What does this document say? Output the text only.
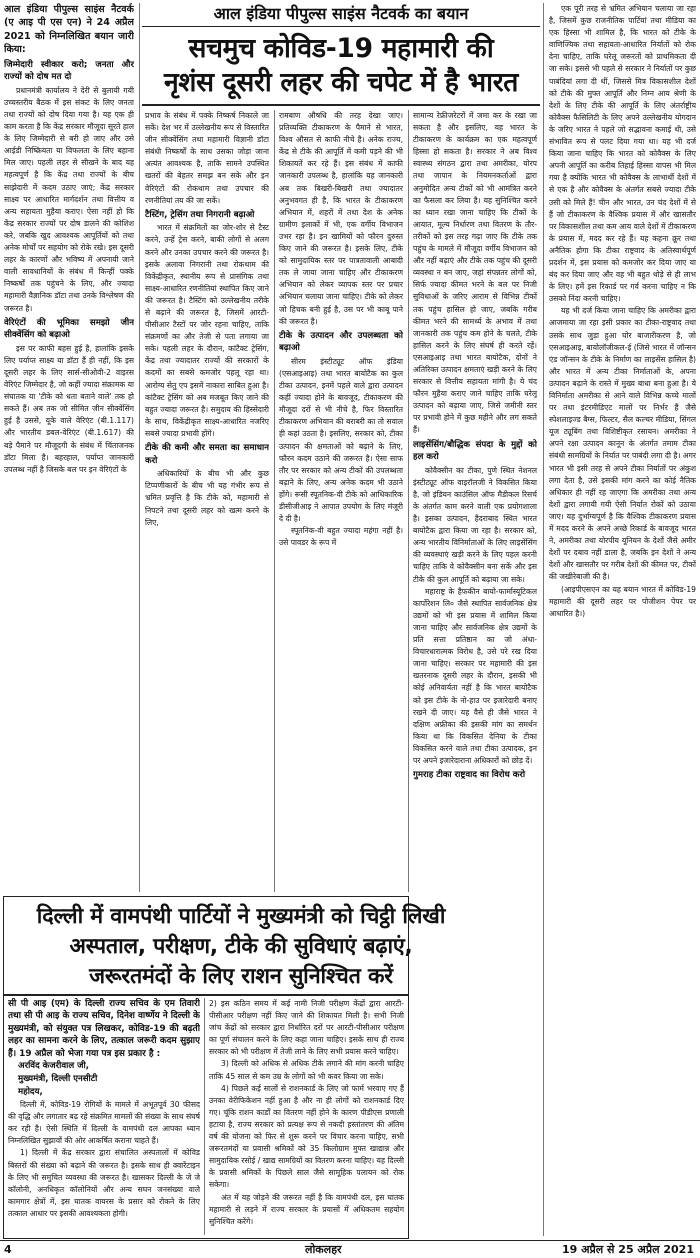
आल इंडिया पीपुल्स साइंस नैटवर्क का बयान
सचमुच कोविड-19 महामारी की
नृशंस दूसरी लहर की चपेट में है भारत

आल इंडिया पीपुल्स साइंस नैटवर्क (ए आइ पी एस एन) ने 24 अप्रैल 2021 को निम्नलिखित बयान जारी किया:

जिम्मेदारी स्वीकार करो; जनता और राज्यों को दोष मत दो

प्रधानमंत्री कार्यालय ने देरी से बुलायी गयी उच्चस्तरीय बैठक में इस संकट के लिए जनता तथा राज्यों को दोष दिया गया है। यह एक ही काम करता है कि केंद्र सरकार मौजूदा सूरते हाल के लिए जिम्मेदारी से बरी हो जाए और उसे आईडी निष्क्रियता या विफलता के लिए बहाना मिल जाए। पहली लहर से सीखने के बाद यह महत्वपूर्ण है कि केंद्र तथा राज्यों के बीच साझेदारी में कदम उठाए जाएं; केंद्र सरकार साक्ष्य पर आधारित मार्गदर्शन तथा वित्तीय व अन्य सहायता मुहैया कराए। ऐसा नहीं हो कि केंद्र सरकार राज्यों पर दोष डालने की कोशिश करे, जबकि खुद आवश्यक आपूर्तियों को तथा अनेक मोर्चों पर सहयोग को रोके रखे। इस दूसरी लहर के कारणों और भविष्य में अपनायी जाने वाली सावधानियों के संबंध में किन्हीं पक्के निष्कर्षों तक पहुंचने के लिए, और ज्यादा महामारी वैज्ञानिक डॉटा तथा उनके विश्लेषण की जरूरत है।

वेरिएंटों की भूमिका समझो जीन सीक्वेंसिंग को बढ़ाओ

इस पर काफी बहस हुई है, हालांकि इसके लिए पर्याप्त साक्ष्य या डॉटा हैं ही नहीं, कि इस दूसरी लहर के लिए सार्स-सीओवी-2 वाइरस वेरिएंट जिम्मेदार है, जो कहीं ज्यादा संक्रामक या संघातक या 'टीके को धता बताने वाले' तक हो सकते हैं। अब तक जो सीमित जीन सीक्वेंसिंग हुई है उससे, यूके वाले वेरिएंट (बी.1.117) और भारतीय डबल-वेरिएंट (बी.1.617) की बड़े पैमाने पर मौजूदगी के संबंध में चिंताजनक डॉटा मिला है। बहरहाल, पर्याप्त जानकारी उपलब्ध नहीं है जिसके बल पर इन वेरिएंटों के

प्रभाव के संबंध में पक्के निष्कर्ष निकाले जा सकें। देश भर में उल्लेखनीय रूप से विस्तारित जीन सीक्वेंसिंग तथा महामारी विज्ञानी डॉटा संबंधी निष्कर्षों के साथ उसका जोड़ा जाना अत्यंत आवश्यक है, ताकि सामने उपस्थित खतरों की बेहतर समझ बन सके और इन वेरिएंटों की रोकथाम तथा उपचार की रणनीतियां तय की जा सकें।

टैस्टिंग, ट्रेसिंग तथा निगरानी बढ़ाओ

भारत में संक्रमितों का जोर-शोर से टैस्ट करने, उन्हें ट्रेस करने, बाकी लोगों से अलग करने और उनका उपचार करने की जरूरत है। इसके अलावा निगरानी तथा रोकथाम की विकेंद्रीकृत, स्थानीय रूप से प्रासंगिक तथा साक्ष्य-आधारित रणनीतियां स्थापित किए जाने की जरूरत है। टैस्टिंग को उल्लेखनीय तरीके से बढ़ाने की जरूरत है, जिसमें आरटी-पीसीआर टैस्टों पर जोर रहना चाहिए, ताकि संक्रमणों का और तेजी से पता लगाया जा सके। पहली लहर के दौरान, कांटैक्ट ट्रेसिंग, केंद्र तथा ज्यादातर राज्यों की सरकारों के कदमों का सबसे कमजोर पहलू रहा था। आरोग्य सेतु एप इसमें नाकारा साबित हुआ है। कांटैक्ट ट्रेसिंग को अब मजबूत किए जाने की बहुत ज्यादा जरूरत है। समुदाय की हिस्सेदारी के साथ, विकेंद्रीकृत साक्ष्य-आधारित नजरिए सबसे ज्यादा प्रभावी होंगे।

टीके की कमी और समता का समाधान करो

अधिकारियों के बीच भी और कुछ टिप्पणीकारों के बीच भी यह गंभीर रूप से भ्रमित प्रवृत्ति है कि टीके को, महामारी से निपटने तथा दूसरी लहर को खत्म करने के लिए,

रामबाण औषधि की तरह देखा जाए। प्रतिव्यक्ति टीकाकरण के पैमाने से भारत, विश्व औसत से काफी नीचे है। अनेक राज्य, केंद्र से टीके की आपूर्ति में कमी पड़ने की भी शिकायतें कर रहे हैं। इस संबंध में काफी जानकारी उपलब्ध है, हालांकि यह जानकारी अब तक बिखरी-बिखरी तथा ज्यादातर अनुभवगत ही है, कि भारत के टीकाकरण अभियान में, शहरों में तथा देश के अनेक ग्रामीण इलाकों में भी, एक वर्गीय विभाजन उभर रहा है। इन खामियों को फौरन दुरुस्त किए जाने की जरूरत है। इसके लिए, टीके को सामुदायिक स्तर पर पात्रतावाली आबादी तक ले जाया जाना चाहिए और टीकाकरण अभियान को लेकर व्यापक स्तर पर प्रचार अभियान चलाया जाना चाहिए। टीके को लेकर जो हिचक बनी हुई है, उस पर भी काबू पाने की जरूरत है।

टीके के उत्पादन और उपलब्धता को बढ़ाओ

सीरम इंस्टीट्यूट ऑफ इंडिया (एसआइआइ) तथा भारत बायोटैक का कुल टीका उत्पादन, इनमें पहले वाले द्वारा उत्पादन कहीं ज्यादा होने के बावजूद, टीकाकरण की मौजूदा दरों से भी नीचे है, फिर विस्तारित टीकाकरण अभियान की बराबरी का तो सवाल ही कहां उठता है। इसलिए, सरकार को, टीका उत्पादन की क्षमताओं को बढ़ाने के लिए, फौरन कदम उठाने की जरूरत है। ऐसा साफ तौर पर सरकार को अन्य टीकों की उपलब्धता बढ़ाने के लिए, अन्य अनेक कदम भी उठाने होंगे। रूसी स्पूतनिक-वी टीके को आधिकारिक डीसीजीआइ ने आपात उपयोग के लिए मंजूरी दे दी है।

स्पूतनिक-वी बहुत ज्यादा महंगा नहीं है। उसे पावडर के रूप में

सामान्य रेफ्रीजरेटरों में जमा कर के रखा जा सकता है और इसलिए, यह भारत के टीकाकरण के कार्यक्रम का एक महत्वपूर्ण हिस्सा हो सकता है। सरकार ने अब विश्व स्वास्थ्य संगठन द्वारा तथा अमरीका, योरप तथा जापान के नियमनकर्ताओं द्वारा अनुमोदित अन्य टीकों को भी आमंत्रित करने का फैसला कर लिया है। यह सुनिश्चित करने का ध्यान रखा जाना चाहिए कि टीकों के आयात, मूल्य निर्धारण तथा वितरण के तौर-तरीकों को इस तरह गढ़ा जाए कि टीके तक पहुंच के मामले में मौजूदा वर्गीय विभाजन को और नहीं बढ़ाएं और टीके तक पहुंच की दूसरी व्यवस्था न बन जाए, जहां संपन्नतर लोगों को, सिर्फ ज्यादा कीमत भरने के बल पर निजी सुविधाओं के जरिए आराम से विभिन्न टीकों तक पहुंच हासिल हो जाए, जबकि गरीब कीमत भरने की सामर्थ्य के अभाव में तथा जानकारी तक पहुंच कम होने के चलते, टीके हासिल करने के लिए संघर्ष ही करते रहें। एसआइआइ तथा भारत बायोटैक, दोनों ने अतिरिक्त उत्पादन क्षमताएं खड़ी करने के लिए सरकार से वित्तीय सहायता मांगी है। ये चंद फौरन मुहैया कराए जाने चाहिए ताकि घरेलू उत्पादन को बढ़ाया जाए, जिसे जमीनी स्तर पर प्रभावी होने में कुछ महीने और लग सकते हैं।

लाइसेंसिंग/बौद्धिक संपदा के मुद्दों को हल करो

कोवैक्सीन का टीका, पुणे स्थित नेशनल इंस्टीट्यूट ऑफ वाइरॉलजी ने विकसित किया है, जो इंडियन काउंसिल ऑफ मैडीकल रिसर्च के अंतर्गत काम करने वाली एक प्रयोगशाला है। इसका उत्पादन, हैदराबाद स्थित भारत बायोटैक द्वारा किया जा रहा है। सरकार को, अन्य भारतीय विनिर्माताओं के लिए लाइसेंसिंग की व्यवस्थाएं खड़ी करने के लिए पहल करनी चाहिए ताकि वे कोवैक्सीन बना सकें और इस टीके की कुल आपूर्ति को बढ़ाया जा सके।

महाराष्ट्र के हैफकीन बायो-फार्मास्यूटिकल कार्पोरेशन लि० जैसे स्थापित सार्वजनिक क्षेत्र उद्यमों को भी इस प्रयास में शामिल किया जाना चाहिए और सार्वजनिक क्षेत्र उद्यमों के प्रति सत्ता प्रतिष्ठान का जो अंधा-विचारधारात्मक विरोध है, उसे परे रख दिया जाना चाहिए। सरकार पर महामारी की इस खतरनाक दूसरी लहर के दौरान, इसकी भी कोई अनिवार्यता नहीं है कि भारत बायोटैक को इस टीके के नो-हाउ पर इजारेदारी बनाए रखने दी जाए। यह वैसे ही जैसे भारत ने दक्षिण अफ्रीका की इसकी मांग का समर्थन किया था कि विकसित देनिया के टीका विकसित करने वाले तथा टीका उत्पादक, इन पर अपने इजारेदाराना अधिकारों को छोड़ दें।

गुमराह टीका राष्ट्रवाद का विरोध करो

एक पूरी तरह से भ्रमित अभियान चलाया जा रहा है, जिसमें कुछ राजनीतिक पार्टियां तथा मीडिया का एक हिस्सा भी शामिल है, कि भारत को टीके के वाणिज्यिक तथा सहायता-आधारित निर्यातों को रोक देना चाहिए, ताकि घरेलू जरूरतों को प्राथमिकता दी जा सके। इससे भी पहले से सरकार ने निर्यातों पर कुछ पाबंदियां लगा दी थीं, जिससे मित्र विकासशील देशों को टीके की मुफ्त आपूर्ति और निम्न आय श्रेणी के देशों के लिए टीके की आपूर्ति के लिए अंतर्राष्ट्रीय कोवैक्स फैसिलिटी के लिए अपने उल्लेखनीय योगदान के जरिए भारत ने पहले जो सद्भावना कमाई थी, उसे संभावित रूप से पलट दिया गया था। यह भी दर्ज किया जाना चाहिए कि भारत को कोवैक्स के लिए अपनी आपूर्ति का करीब तिहाई हिस्सा वापस भी मिल गया है क्योंकि भारत भी कोवैक्स के लाभार्थी देशों में से एक है और कोवैक्स के अंतर्गत सबसे ज्यादा टीके उसी को मिले हैं! चीन और भारत, उन चंद देशों में से हैं जो टीकाकरण के वैश्विक प्रयास में और खासतौर पर विकासशील तथा कम आय वाले देशों में टीकाकरण के प्रयास में, मदद कर रहे हैं। यह कहना क्रूर तथा अनैतिक होगा कि टीका राष्ट्रवाद के अतिस्वार्थपूर्ण प्रदर्शन में, इस प्रयास को कमजोर कर दिया जाए या बंद कर दिया जाए और वह भी बहुत थोड़े से ही लाभ के लिए। हमें इस रिकार्ड पर गर्व करना चाहिए न कि उसको निंदा करनी चाहिए।

यह भी दर्ज किया जाना चाहिए कि अमरीका द्वारा आजमाया जा रहा इसी प्रकार का टीका-राष्ट्रवाद तथा उसके साथ जुड़ा हुआ घोर बाजारीकरण है, जो एसआइआइ, बायोलॉजीकल-ई (जिसे भारत में जॉन्सन एंड जॉन्सन के टीके के निर्माण का लाइसेंस हासिल है) और भारत में अन्य टीका निर्माताओं के, अपना उत्पादन बढ़ाने के रास्ते में मुख्य बाधा बना हुआ है। ये विनिर्माता अमरीका से आने वाले विभिन्न कच्चे मालों पर तथा इंटरमीडिएट मालों पर निर्भर हैं जैसे स्पेशलाइज्ड बैग्स, फिल्टर, सैल कल्चर मीडिया, सिंगल यूज ट्यूबिंग तथा विशिष्टीकृत रसायन। अमरीका ने अपने रक्षा उत्पादन कानून के अंतर्गत तमाम टीका संबंधी सामग्रियों के निर्यात पर पाबंदी लगा दी है। अगर भारत भी इसी तरह से अपने टीका निर्यातों पर अंकुश लगा देता है, उसे इसकी मांग करने का कोई नैतिक अधिकार ही नहीं रह जाएगा कि अमरीका तथा अन्य देशों द्वारा लगायी गयी ऐसी निर्यात रोकों को उठाया जाए। यह दुर्भाग्यपूर्ण है कि वैश्विक टीकाकरण प्रयास में मदद करने के अपने अच्छे रिकार्ड के बावजूद भारत ने, अमरीका तथा योरपीय यूनियन के देशों जैसे अमीर देशों पर दबाव नहीं डाला है, जबकि इन देशों ने अन्य देशों और खासतौर पर गरीब देशों की कीमत पर, टीकों की जखीरेबाजी की है।

(आइपीएसएन का यह बयान भारत में कोविड-19 महामारी की दूसरी लहर पर पोजीशन पेपर पर आधारित है।)

दिल्ली में वामपंथी पार्टियों ने मुख्यमंत्री को चिट्ठी लिखी
अस्पताल, परीक्षण, टीके की सुविधाएं बढ़ाएं,
जरूरतमंदों के लिए राशन सुनिश्चित करें

सी पी आइ (एम) के दिल्ली राज्य सचिव के एम तिवारी तथा सी पी आइ के राज्य सचिव, दिनेश वार्ष्णेय ने दिल्ली के मुख्यमंत्री, को संयुक्त पत्र लिखकर, कोविड-19 की बढ़ती लहर का सामना करने के लिए, तत्काल जरूरी कदम सुझाए हैं। 19 अप्रैल को भेजा गया पत्र इस प्रकार है :

अरविंद केजरीवाल जी,

मुख्यमंत्री, दिल्ली एनसीटी

महोदय,

दिल्ली में, कोविड-19 रोगियों के मामले में अभूतपूर्व 30 फीसद की वृद्धि और लगातार बढ़ रहे संक्रमित मामलों की संख्या के साथ संघर्ष कर रही है। ऐसी स्थिति में दिल्ली के वामपंथी दल आपका ध्यान निम्नलिखित सुझावों की ओर आकर्षित कराना चाहते हैं।

1) दिल्ली में केंद्र सरकार द्वारा संचालित अस्पतालों में कोविड बिस्तरों की संख्या को बढ़ाने की जरूरत है। इसके साथ ही क्वारेंटाइन के लिए भी समुचित व्यवस्था की जरूरत है। खासकर दिल्ली के जे जे कॉलोनी, अनधिकृत कॉलोनियों और अन्य सघन जनसंख्या वाले कामगार क्षेत्रों में, इस घातक वायरस के प्रसार को रोकने के लिए तत्काल आधार पर इसकी आवश्यकता होगी।

2) इस कठिन समय में कई नामी निजी परीक्षण केंद्रों द्वारा आरटी-पीसीआर परीक्षण नहीं किए जाने की शिकायत मिली है। सभी निजी जांच केंद्रों को सरकार द्वारा निर्धारित दरों पर आरटी-पीसीआर परीक्षण का पूर्ण संचालन करने के लिए कहा जाना चाहिए। इसके साथ ही राज्य सरकार को भी परीक्षण में तेजी लाने के लिए सभी प्रयास करने चाहिए।

3) दिल्ली को अधिक से अधिक टीके लगाने की मांग करनी चाहिए ताकि 45 साल से कम उम्र के लोगों को भी कवर किया जा सके।

4) पिछले कई सालों से राशनकार्ड के लिए जो फार्म भरवाए गए हैं उनका वेरीफिकेशन नहीं हुआ है और ना ही लोगों को राशनकार्ड दिए गए। चूंकि राशन कार्डों का वितरण नहीं होने के कारण पीडीएस प्रणाली हटाया है, राज्य सरकार को प्रत्यक्ष रूप से नकदी हस्तांतरण की अंतिम वर्ष की योजना को फिर से शुरू करने पर विचार करना चाहिए, सभी जरूरतमंदों या प्रवासी श्रमिकों को 35 किलोग्राम मुफ्त खाद्यान्न और सामुदायिक रसोई / खाद्य सामग्रियों का वितरण करना चाहिए। यह दिल्ली के प्रवासी श्रमिकों के पिछले साल जैसे सामूहिक पलायन को रोक सकेगा।

अंत में यह जोड़ने की जरूरत नहीं है कि वामपंथी दल, इस घातक महामारी से लड़ने में राज्य सरकार के प्रयासों में अधिकतम सहयोग सुनिश्चित करेंगे।

4	लोकलहर	19 अप्रैल से 25 अप्रैल 2021
